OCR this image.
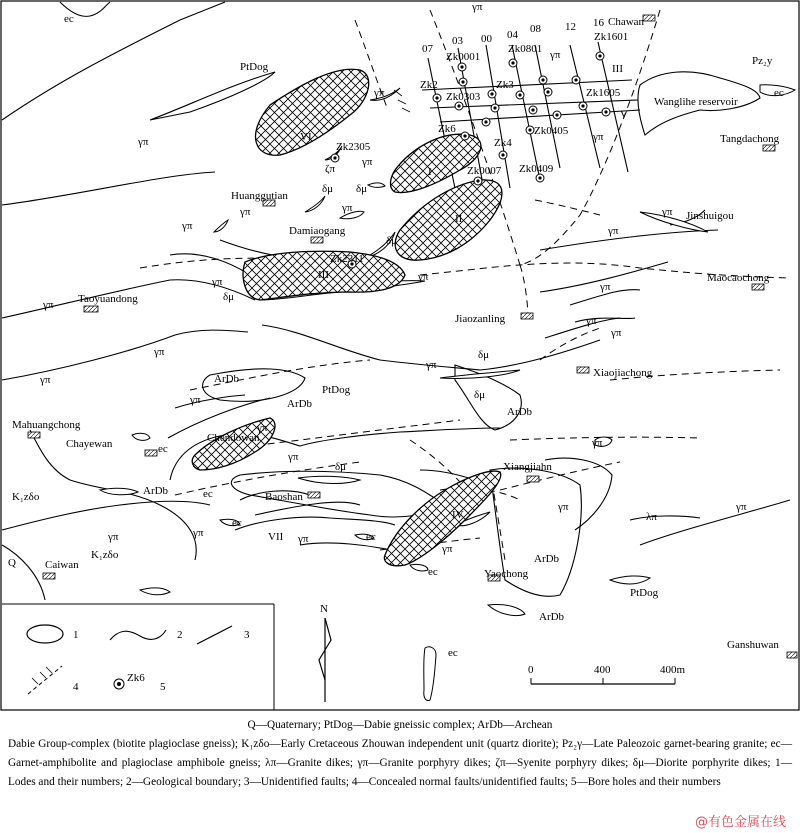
07
03 00 04 08 12 16
Zk0001
Zk0801
Zk1601
Zk2	Zk3
Zk0303	Zk1605
Zk6
Zk4
Zk0405
Zk0007 Zk0409
Zk2305
Zk2311
I
II
III
IV
V
VI
VII
III
ec
Pz₂y
PtDog
PtDog
PtDog
Chawan
Wanglihe reservoir
ec
Tangdachong
Jinshuigou
Maocaochong
Huanggutian
Damiaogang
Taoyuandong
Jiaozanling
Xiaojiachong
Mahuangchong
Chayewan	Chendowan
Baoshan
Xiangjiahn
Yaochong
Caiwan
Ganshuwan
ArDb
ArDb
ArDb
ArDb
ArDb
ArDb
K₁zδo
K₁zδo
Q
ec
ec
ec
ec
ec
ec
ζπ
λπ
δμ δμ
δμ
δμ
δμ
δμ
δμ
γπ
γπ
γπ
γπ
γπ
γπ
γπ	γπ
γπ
γπ	γπ
γπ
γπ
γπ
γπ
γπ
γπ
γπ
γπ
γπ
γπ
γπ
γπ
γπ
γπ	γπ
γπ	γπ	γπ
γπ
1	2	3
4
Zk6
5
N
0	400	400m
Q—Quaternary; PtDog—Dabie gneissic complex; ArDb—Archean
Dabie Group-complex (biotite plagioclase gneiss); K₁zδo—Early Cretaceous Zhouwan independent unit (quartz diorite); Pz₂γ—Late Paleozoic garnet-bearing granite; ec—Garnet-amphibolite and plagioclase amphibole gneiss; λπ—Granite dikes; γπ—Granite porphyry dikes; ζπ—Syenite porphyry dikes; δμ—Diorite porphyrite dikes; 1—Lodes and their numbers; 2—Geological boundary; 3—Unidentified faults; 4—Concealed normal faults/unidentified faults; 5—Bore holes and their numbers
@有色金属在线
